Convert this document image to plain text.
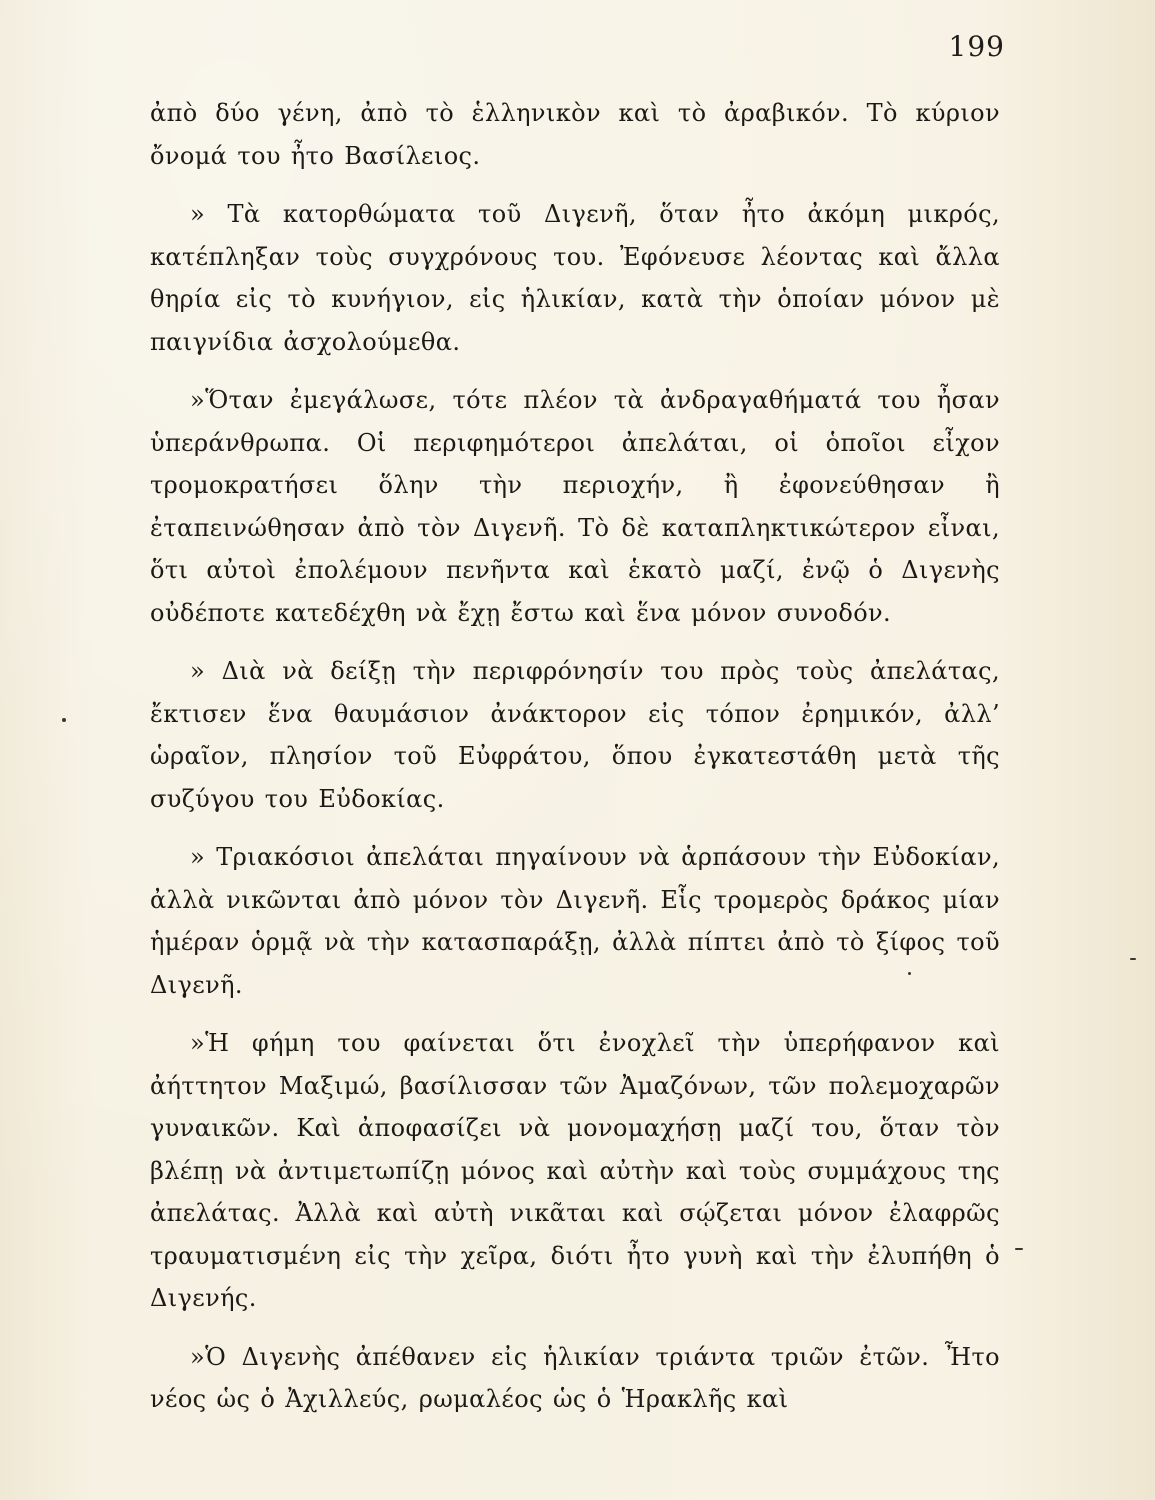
199

ἀπὸ δύο γένη, ἀπὸ τὸ ἑλληνικὸν καὶ τὸ ἀραβικόν. Τὸ κύριον ὄνομά του ἦτο Βασίλειος.

» Τὰ κατορθώματα τοῦ Διγενῆ, ὅταν ἦτο ἀκόμη μικρός, κατέπληξαν τοὺς συγχρόνους του. Ἐφόνευσε λέοντας καὶ ἄλλα θηρία εἰς τὸ κυνήγιον, εἰς ἡλικίαν, κατὰ τὴν ὁποίαν μόνον μὲ παιγνίδια ἀσχολούμεθα.

»Ὅταν ἐμεγάλωσε, τότε πλέον τὰ ἀνδραγαθήματά του ἦσαν ὑπεράνθρωπα. Οἱ περιφημότεροι ἀπελάται, οἱ ὁποῖοι εἶχον τρομοκρατήσει ὅλην τὴν περιοχήν, ἢ ἐφονεύθησαν ἢ ἐταπεινώθησαν ἀπὸ τὸν Διγενῆ. Τὸ δὲ καταπληκτικώτερον εἶναι, ὅτι αὐτοὶ ἐπολέμουν πενῆντα καὶ ἑκατὸ μαζί, ἐνῷ ὁ Διγενὴς οὐδέποτε κατεδέχθη νὰ ἔχῃ ἔστω καὶ ἕνα μόνον συνοδόν.

» Διὰ νὰ δείξῃ τὴν περιφρόνησίν του πρὸς τοὺς ἀπελάτας, ἔκτισεν ἕνα θαυμάσιον ἀνάκτορον εἰς τόπον ἐρημικόν, ἀλλ’ ὡραῖον, πλησίον τοῦ Εὐφράτου, ὅπου ἐγκατεστάθη μετὰ τῆς συζύγου του Εὐδοκίας.

» Τριακόσιοι ἀπελάται πηγαίνουν νὰ ἁρπάσουν τὴν Εὐδοκίαν, ἀλλὰ νικῶνται ἀπὸ μόνον τὸν Διγενῆ. Εἷς τρομερὸς δράκος μίαν ἡμέραν ὁρμᾷ νὰ τὴν κατασπαράξῃ, ἀλλὰ πίπτει ἀπὸ τὸ ξίφος τοῦ Διγενῆ.

»Ἡ φήμη του φαίνεται ὅτι ἐνοχλεῖ τὴν ὑπερήφανον καὶ ἀήττητον Μαξιμώ, βασίλισσαν τῶν Ἀμαζόνων, τῶν πολεμοχαρῶν γυναικῶν. Καὶ ἀποφασίζει νὰ μονομαχήσῃ μαζί του, ὅταν τὸν βλέπῃ νὰ ἀντιμετωπίζῃ μόνος καὶ αὐτὴν καὶ τοὺς συμμάχους της ἀπελάτας. Ἀλλὰ καὶ αὐτὴ νικᾶται καὶ σῴζεται μόνον ἐλαφρῶς τραυματισμένη εἰς τὴν χεῖρα, διότι ἦτο γυνὴ καὶ τὴν ἐλυπήθη ὁ Διγενής.

»Ὁ Διγενὴς ἀπέθανεν εἰς ἡλικίαν τριάντα τριῶν ἐτῶν. Ἦτο νέος ὡς ὁ Ἀχιλλεύς, ρωμαλέος ὡς ὁ Ἡρακλῆς καὶ
